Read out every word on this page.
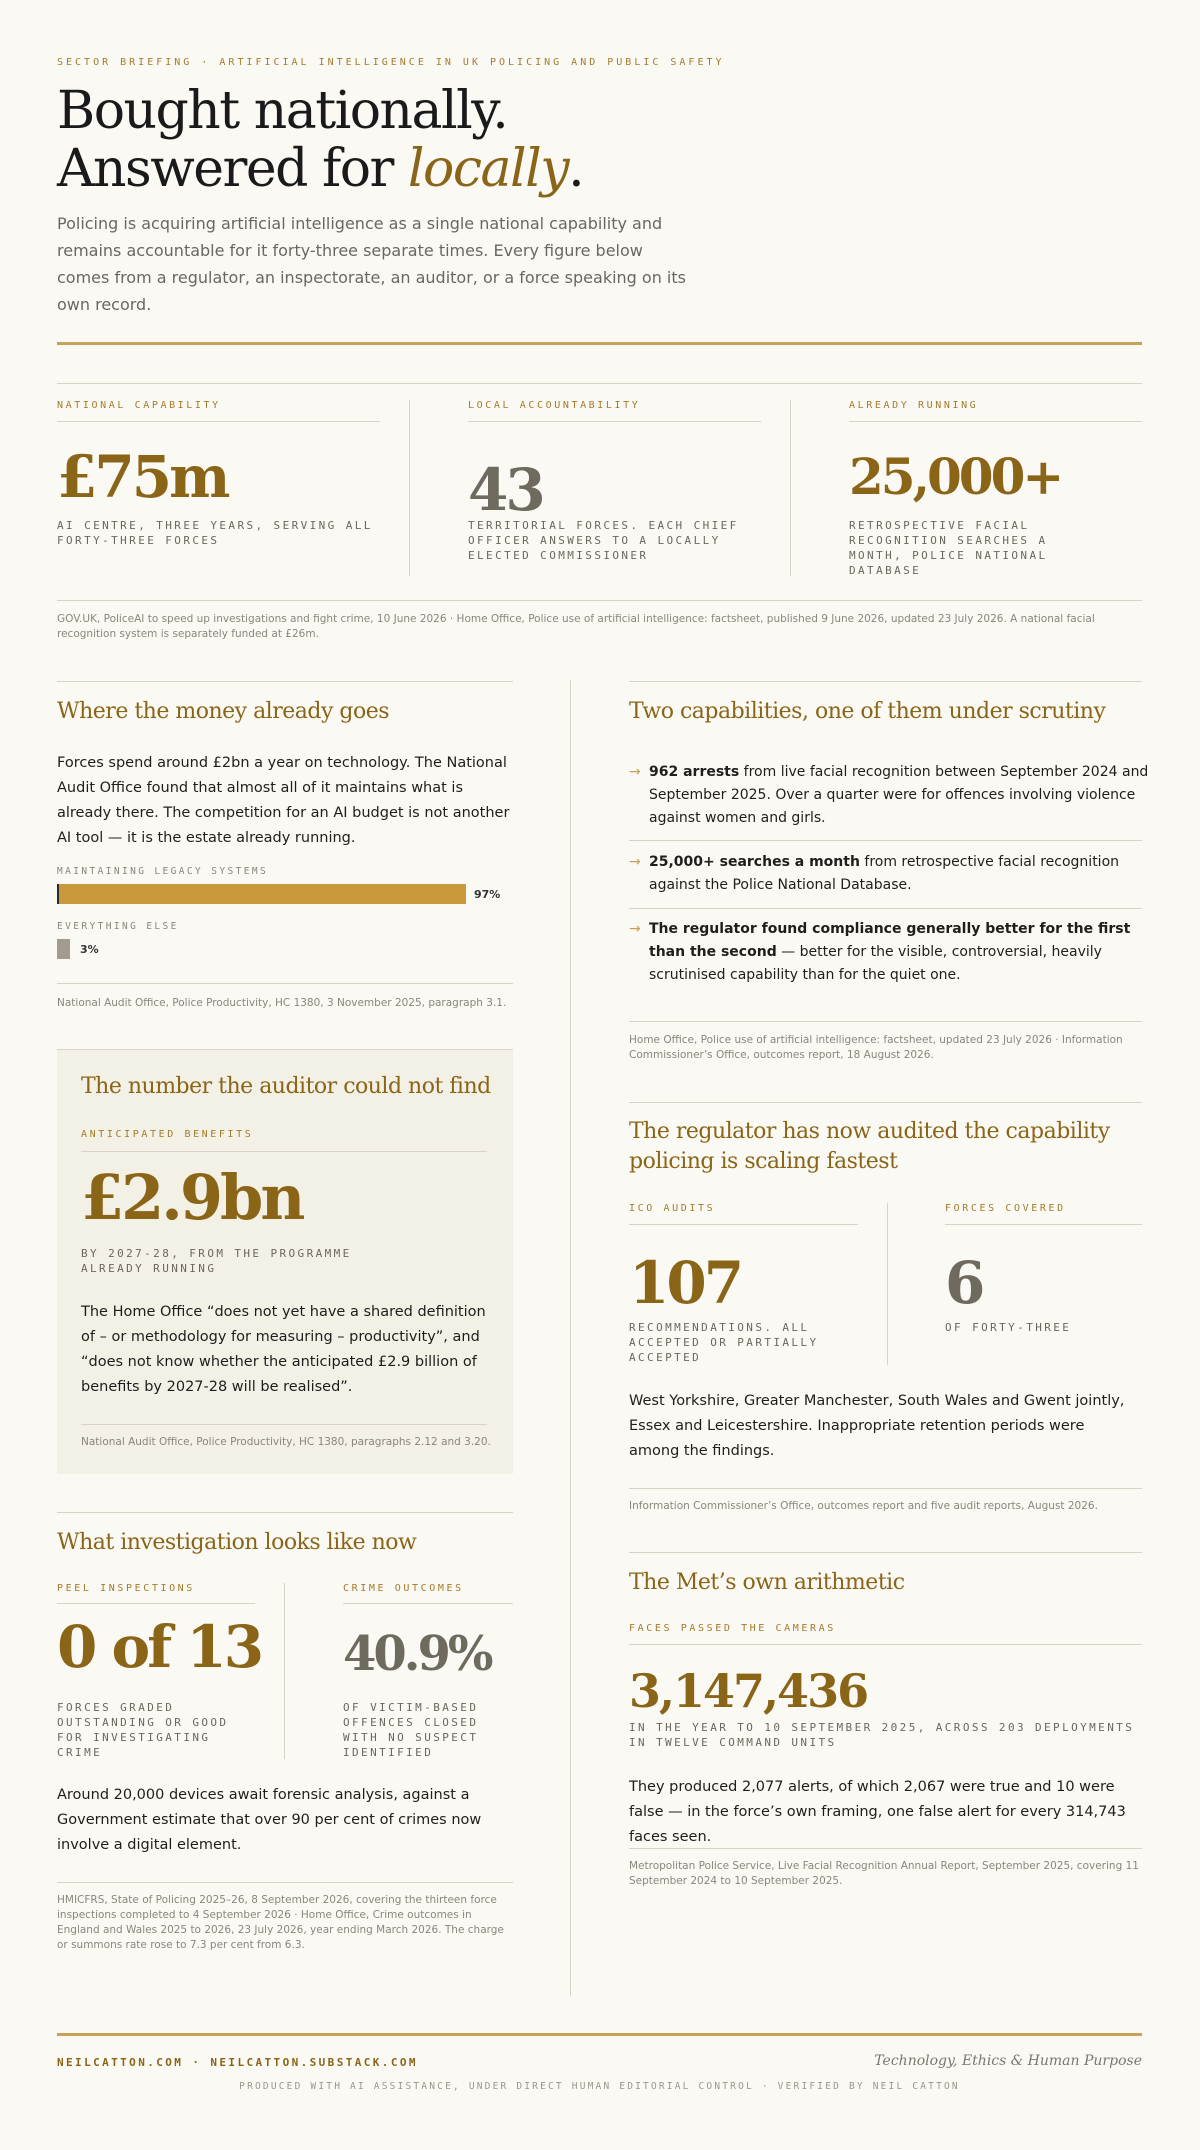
SECTOR BRIEFING · ARTIFICIAL INTELLIGENCE IN UK POLICING AND PUBLIC SAFETY
Bought nationally.
Answered for locally.
Policing is acquiring artificial intelligence as a single national capability and remains accountable for it forty-three separate times. Every figure below comes from a regulator, an inspectorate, an auditor, or a force speaking on its own record.
NATIONAL CAPABILITY
£75m
AI CENTRE, THREE YEARS, SERVING ALL FORTY-THREE FORCES
LOCAL ACCOUNTABILITY
43
TERRITORIAL FORCES. EACH CHIEF OFFICER ANSWERS TO A LOCALLY ELECTED COMMISSIONER
ALREADY RUNNING
25,000+
RETROSPECTIVE FACIAL RECOGNITION SEARCHES A MONTH, POLICE NATIONAL DATABASE
GOV.UK, PoliceAI to speed up investigations and fight crime, 10 June 2026 · Home Office, Police use of artificial intelligence: factsheet, published 9 June 2026, updated 23 July 2026. A national facial recognition system is separately funded at £26m.
Where the money already goes
Forces spend around £2bn a year on technology. The National Audit Office found that almost all of it maintains what is already there. The competition for an AI budget is not another AI tool — it is the estate already running.
MAINTAINING LEGACY SYSTEMS
97%
EVERYTHING ELSE
3%
National Audit Office, Police Productivity, HC 1380, 3 November 2025, paragraph 3.1.
The number the auditor could not find
ANTICIPATED BENEFITS
£2.9bn
BY 2027-28, FROM THE PROGRAMME ALREADY RUNNING
The Home Office “does not yet have a shared definition of – or methodology for measuring – productivity”, and “does not know whether the anticipated £2.9 billion of benefits by 2027-28 will be realised”.
National Audit Office, Police Productivity, HC 1380, paragraphs 2.12 and 3.20.
What investigation looks like now
PEEL INSPECTIONS
0 of 13
FORCES GRADED OUTSTANDING OR GOOD FOR INVESTIGATING CRIME
CRIME OUTCOMES
40.9%
OF VICTIM-BASED OFFENCES CLOSED WITH NO SUSPECT IDENTIFIED
Around 20,000 devices await forensic analysis, against a Government estimate that over 90 per cent of crimes now involve a digital element.
HMICFRS, State of Policing 2025–26, 8 September 2026, covering the thirteen force inspections completed to 4 September 2026 · Home Office, Crime outcomes in England and Wales 2025 to 2026, 23 July 2026, year ending March 2026. The charge or summons rate rose to 7.3 per cent from 6.3.
Two capabilities, one of them under scrutiny
→ 962 arrests from live facial recognition between September 2024 and September 2025. Over a quarter were for offences involving violence against women and girls.
→ 25,000+ searches a month from retrospective facial recognition against the Police National Database.
→ The regulator found compliance generally better for the first than the second — better for the visible, controversial, heavily scrutinised capability than for the quiet one.
Home Office, Police use of artificial intelligence: factsheet, updated 23 July 2026 · Information Commissioner’s Office, outcomes report, 18 August 2026.
The regulator has now audited the capability policing is scaling fastest
ICO AUDITS
107
RECOMMENDATIONS. ALL ACCEPTED OR PARTIALLY ACCEPTED
FORCES COVERED
6
OF FORTY-THREE
West Yorkshire, Greater Manchester, South Wales and Gwent jointly, Essex and Leicestershire. Inappropriate retention periods were among the findings.
Information Commissioner’s Office, outcomes report and five audit reports, August 2026.
The Met’s own arithmetic
FACES PASSED THE CAMERAS
3,147,436
IN THE YEAR TO 10 SEPTEMBER 2025, ACROSS 203 DEPLOYMENTS IN TWELVE COMMAND UNITS
They produced 2,077 alerts, of which 2,067 were true and 10 were false — in the force’s own framing, one false alert for every 314,743 faces seen.
Metropolitan Police Service, Live Facial Recognition Annual Report, September 2025, covering 11 September 2024 to 10 September 2025.
NEILCATTON.COM · NEILCATTON.SUBSTACK.COM	Technology, Ethics & Human Purpose
PRODUCED WITH AI ASSISTANCE, UNDER DIRECT HUMAN EDITORIAL CONTROL · VERIFIED BY NEIL CATTON
